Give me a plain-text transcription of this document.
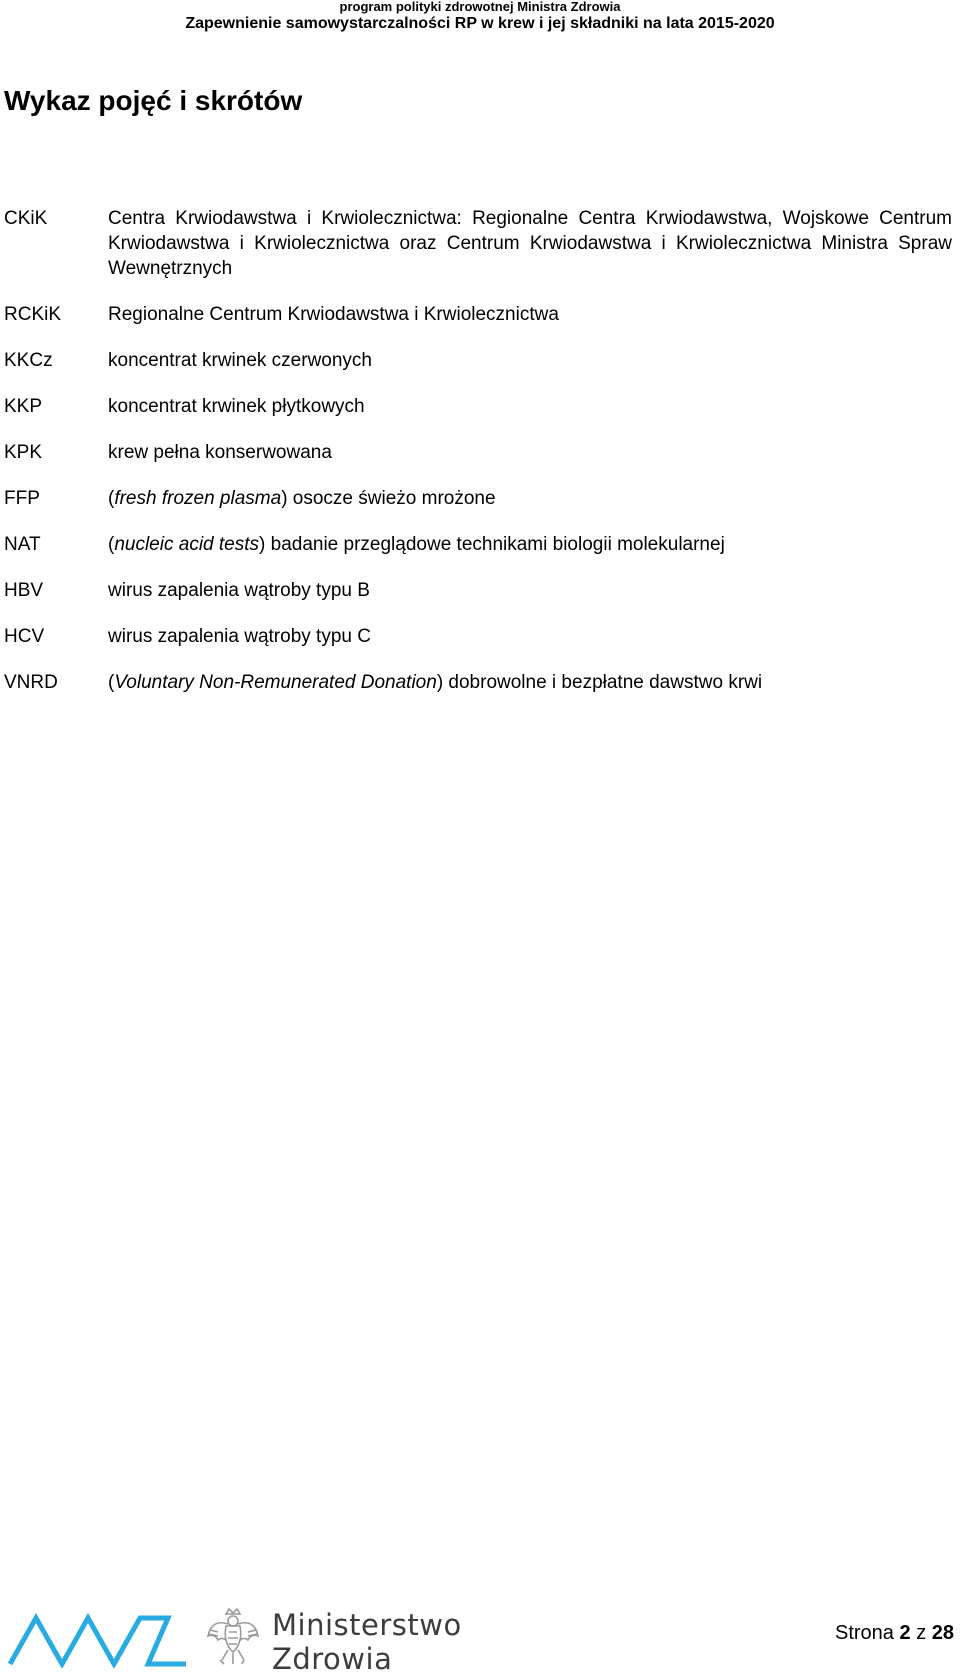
program polityki zdrowotnej Ministra Zdrowia
Zapewnienie samowystarczalności RP w krew i jej składniki na lata 2015-2020
Wykaz pojęć i skrótów
CKiK	Centra Krwiodawstwa i Krwiolecznictwa: Regionalne Centra Krwiodawstwa, Wojskowe Centrum Krwiodawstwa i Krwiolecznictwa oraz Centrum Krwiodawstwa i Krwiolecznictwa Ministra Spraw Wewnętrznych
RCKiK	Regionalne Centrum Krwiodawstwa i Krwiolecznictwa
KKCz	koncentrat krwinek czerwonych
KKP	koncentrat krwinek płytkowych
KPK	krew pełna konserwowana
FFP	(fresh frozen plasma) osocze świeżo mrożone
NAT	(nucleic acid tests) badanie przeglądowe technikami biologii molekularnej
HBV	wirus zapalenia wątroby typu B
HCV	wirus zapalenia wątroby typu C
VNRD	(Voluntary Non-Remunerated Donation) dobrowolne i bezpłatne dawstwo krwi
Ministerstwo
Zdrowia
Strona 2 z 28
